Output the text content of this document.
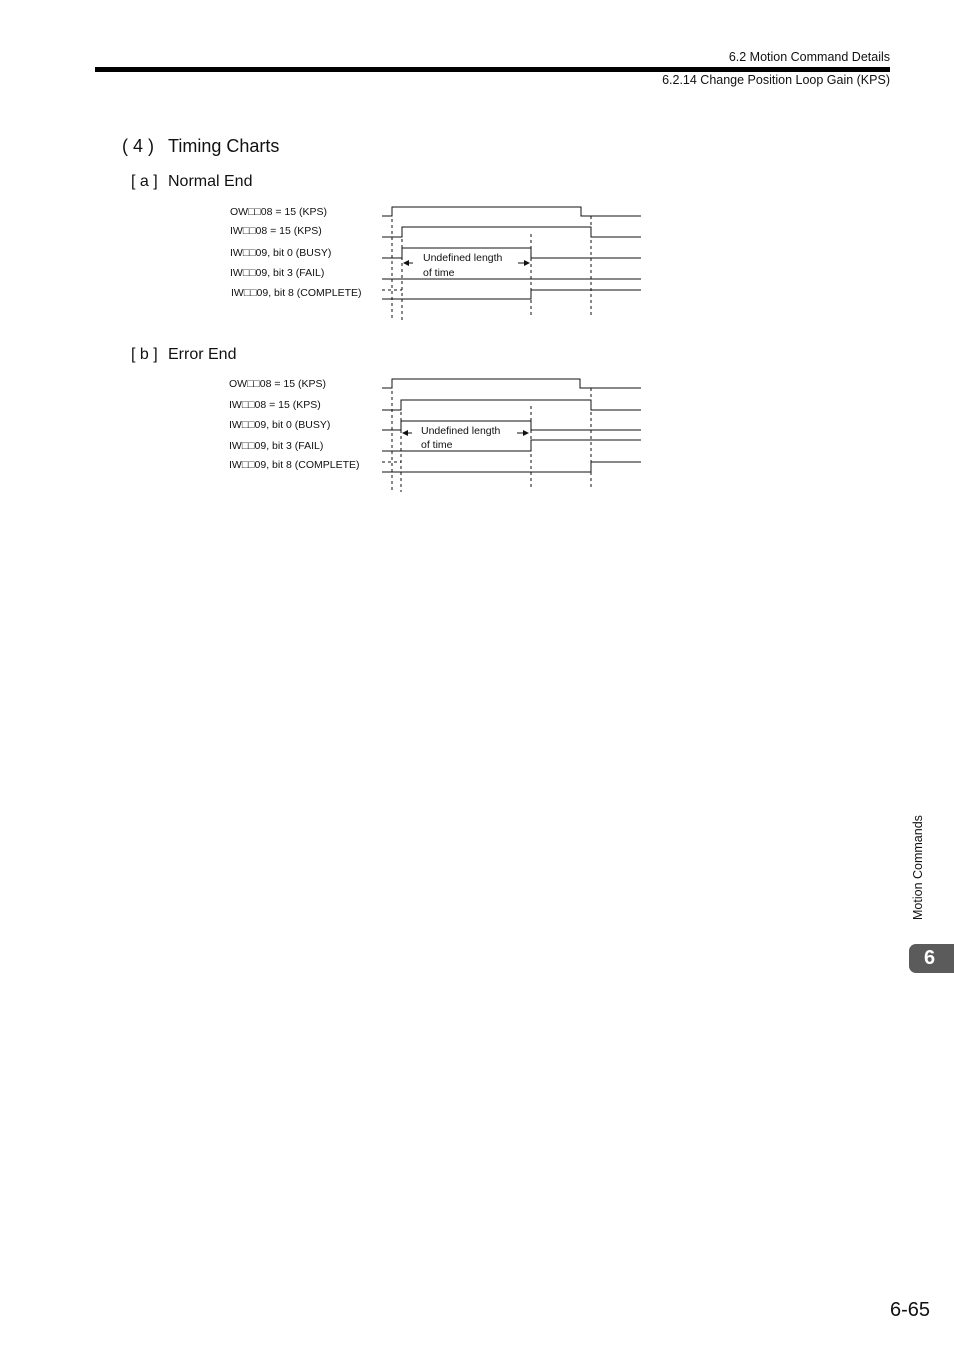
6.2 Motion Command Details
6.2.14 Change Position Loop Gain (KPS)
( 4 ) Timing Charts
[ a ] Normal End
OW□□08 = 15 (KPS)
IW□□08 = 15 (KPS)
IW□□09, bit 0 (BUSY)
IW□□09, bit 3 (FAIL)
IW□□09, bit 8 (COMPLETE)
Undefined length
of time
[ b ] Error End
OW□□08 = 15 (KPS)
IW□□08 = 15 (KPS)
IW□□09, bit 0 (BUSY)
IW□□09, bit 3 (FAIL)
IW□□09, bit 8 (COMPLETE)
Undefined length
of time
Motion Commands
6
6-65
